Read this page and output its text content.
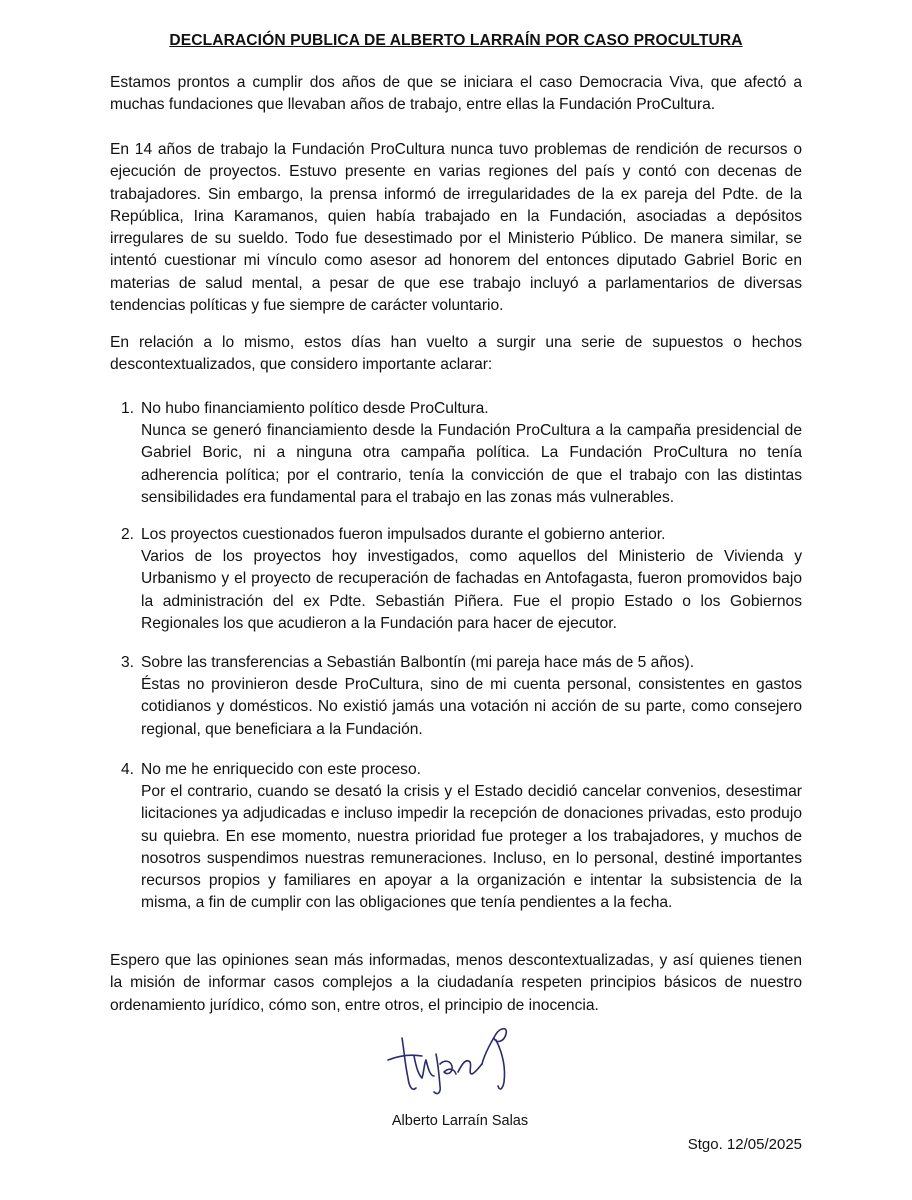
DECLARACIÓN PUBLICA DE ALBERTO LARRAÍN POR CASO PROCULTURA

Estamos prontos a cumplir dos años de que se iniciara el caso Democracia Viva, que afectó a muchas fundaciones que llevaban años de trabajo, entre ellas la Fundación ProCultura.

En 14 años de trabajo la Fundación ProCultura nunca tuvo problemas de rendición de recursos o ejecución de proyectos. Estuvo presente en varias regiones del país y contó con decenas de trabajadores. Sin embargo, la prensa informó de irregularidades de la ex pareja del Pdte. de la República, Irina Karamanos, quien había trabajado en la Fundación, asociadas a depósitos irregulares de su sueldo. Todo fue desestimado por el Ministerio Público. De manera similar, se intentó cuestionar mi vínculo como asesor ad honorem del entonces diputado Gabriel Boric en materias de salud mental, a pesar de que ese trabajo incluyó a parlamentarios de diversas tendencias políticas y fue siempre de carácter voluntario.

En relación a lo mismo, estos días han vuelto a surgir una serie de supuestos o hechos descontextualizados, que considero importante aclarar:

1. No hubo financiamiento político desde ProCultura.

Nunca se generó financiamiento desde la Fundación ProCultura a la campaña presidencial de Gabriel Boric, ni a ninguna otra campaña política. La Fundación ProCultura no tenía adherencia política; por el contrario, tenía la convicción de que el trabajo con las distintas sensibilidades era fundamental para el trabajo en las zonas más vulnerables.

2. Los proyectos cuestionados fueron impulsados durante el gobierno anterior.

Varios de los proyectos hoy investigados, como aquellos del Ministerio de Vivienda y Urbanismo y el proyecto de recuperación de fachadas en Antofagasta, fueron promovidos bajo la administración del ex Pdte. Sebastián Piñera. Fue el propio Estado o los Gobiernos Regionales los que acudieron a la Fundación para hacer de ejecutor.

3. Sobre las transferencias a Sebastián Balbontín (mi pareja hace más de 5 años).

Éstas no provinieron desde ProCultura, sino de mi cuenta personal, consistentes en gastos cotidianos y domésticos. No existió jamás una votación ni acción de su parte, como consejero regional, que beneficiara a la Fundación.

4. No me he enriquecido con este proceso.

Por el contrario, cuando se desató la crisis y el Estado decidió cancelar convenios, desestimar licitaciones ya adjudicadas e incluso impedir la recepción de donaciones privadas, esto produjo su quiebra. En ese momento, nuestra prioridad fue proteger a los trabajadores, y muchos de nosotros suspendimos nuestras remuneraciones. Incluso, en lo personal, destiné importantes recursos propios y familiares en apoyar a la organización e intentar la subsistencia de la misma, a fin de cumplir con las obligaciones que tenía pendientes a la fecha.

Espero que las opiniones sean más informadas, menos descontextualizadas, y así quienes tienen la misión de informar casos complejos a la ciudadanía respeten principios básicos de nuestro ordenamiento jurídico, cómo son, entre otros, el principio de inocencia.

Alberto Larraín Salas
Stgo. 12/05/2025
